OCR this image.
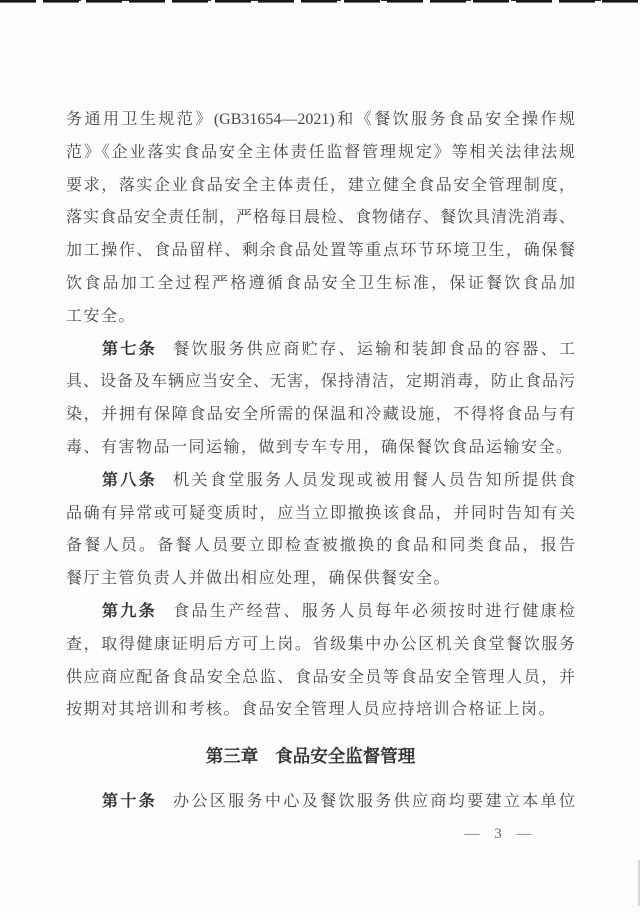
务通用卫生规范》(GB31654—2021)和《餐饮服务食品安全操作规
范》《企业落实食品安全主体责任监督管理规定》等相关法律法规
要求，落实企业食品安全主体责任，建立健全食品安全管理制度，
落实食品安全责任制，严格每日晨检、食物储存、餐饮具清洗消毒、
加工操作、食品留样、剩余食品处置等重点环节环境卫生，确保餐
饮食品加工全过程严格遵循食品安全卫生标准，保证餐饮食品加
工安全。
第七条 餐饮服务供应商贮存、运输和装卸食品的容器、工
具、设备及车辆应当安全、无害，保持清洁，定期消毒，防止食品污
染，并拥有保障食品安全所需的保温和冷藏设施，不得将食品与有
毒、有害物品一同运输，做到专车专用，确保餐饮食品运输安全。
第八条 机关食堂服务人员发现或被用餐人员告知所提供食
品确有异常或可疑变质时，应当立即撤换该食品，并同时告知有关
备餐人员。备餐人员要立即检查被撤换的食品和同类食品，报告
餐厅主管负责人并做出相应处理，确保供餐安全。
第九条 食品生产经营、服务人员每年必须按时进行健康检
查，取得健康证明后方可上岗。省级集中办公区机关食堂餐饮服务
供应商应配备食品安全总监、食品安全员等食品安全管理人员，并
按期对其培训和考核。食品安全管理人员应持培训合格证上岗。
第三章 食品安全监督管理
第十条 办公区服务中心及餐饮服务供应商均要建立本单位
— 3 —
